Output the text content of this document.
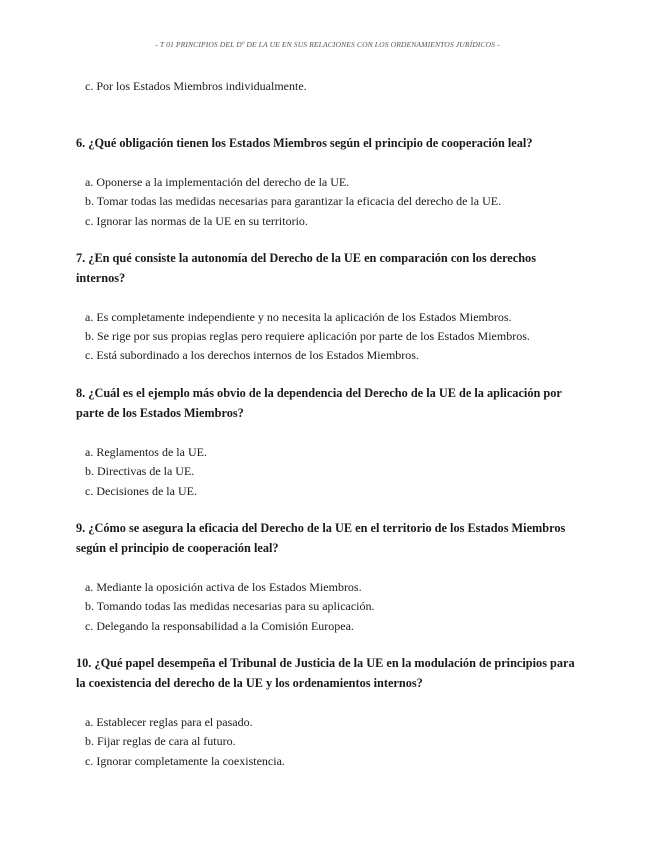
- T 01 PRINCIPIOS DEL Dº DE LA UE EN SUS RELACIONES CON LOS ORDENAMIENTOS JURÍDICOS -
c. Por los Estados Miembros individualmente.
6. ¿Qué obligación tienen los Estados Miembros según el principio de cooperación leal?
a. Oponerse a la implementación del derecho de la UE.
b. Tomar todas las medidas necesarias para garantizar la eficacia del derecho de la UE.
c. Ignorar las normas de la UE en su territorio.
7. ¿En qué consiste la autonomía del Derecho de la UE en comparación con los derechos internos?
a. Es completamente independiente y no necesita la aplicación de los Estados Miembros.
b. Se rige por sus propias reglas pero requiere aplicación por parte de los Estados Miembros.
c. Está subordinado a los derechos internos de los Estados Miembros.
8. ¿Cuál es el ejemplo más obvio de la dependencia del Derecho de la UE de la aplicación por parte de los Estados Miembros?
a. Reglamentos de la UE.
b. Directivas de la UE.
c. Decisiones de la UE.
9. ¿Cómo se asegura la eficacia del Derecho de la UE en el territorio de los Estados Miembros según el principio de cooperación leal?
a. Mediante la oposición activa de los Estados Miembros.
b. Tomando todas las medidas necesarias para su aplicación.
c. Delegando la responsabilidad a la Comisión Europea.
10. ¿Qué papel desempeña el Tribunal de Justicia de la UE en la modulación de principios para la coexistencia del derecho de la UE y los ordenamientos internos?
a. Establecer reglas para el pasado.
b. Fijar reglas de cara al futuro.
c. Ignorar completamente la coexistencia.
